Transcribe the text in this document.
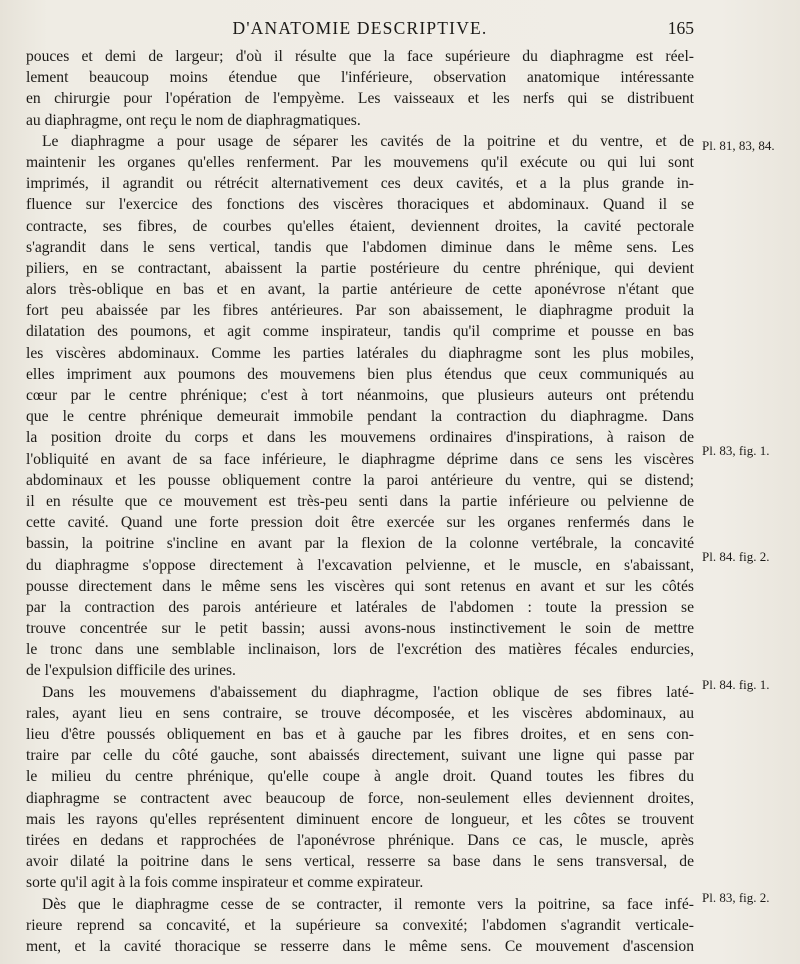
D'ANATOMIE DESCRIPTIVE.	165
pouces et demi de largeur; d'où il résulte que la face supérieure du diaphragme est réel-
lement beaucoup moins étendue que l'inférieure, observation anatomique intéressante
en chirurgie pour l'opération de l'empyème. Les vaisseaux et les nerfs qui se distribuent
au diaphragme, ont reçu le nom de diaphragmatiques.
Le diaphragme a pour usage de séparer les cavités de la poitrine et du ventre, et de
maintenir les organes qu'elles renferment. Par les mouvemens qu'il exécute ou qui lui sont
imprimés, il agrandit ou rétrécit alternativement ces deux cavités, et a la plus grande in-
fluence sur l'exercice des fonctions des viscères thoraciques et abdominaux. Quand il se
contracte, ses fibres, de courbes qu'elles étaient, deviennent droites, la cavité pectorale
s'agrandit dans le sens vertical, tandis que l'abdomen diminue dans le même sens. Les
piliers, en se contractant, abaissent la partie postérieure du centre phrénique, qui devient
alors très-oblique en bas et en avant, la partie antérieure de cette aponévrose n'étant que
fort peu abaissée par les fibres antérieures. Par son abaissement, le diaphragme produit la
dilatation des poumons, et agit comme inspirateur, tandis qu'il comprime et pousse en bas
les viscères abdominaux. Comme les parties latérales du diaphragme sont les plus mobiles,
elles impriment aux poumons des mouvemens bien plus étendus que ceux communiqués au
cœur par le centre phrénique; c'est à tort néanmoins, que plusieurs auteurs ont prétendu
que le centre phrénique demeurait immobile pendant la contraction du diaphragme. Dans
la position droite du corps et dans les mouvemens ordinaires d'inspirations, à raison de
l'obliquité en avant de sa face inférieure, le diaphragme déprime dans ce sens les viscères
abdominaux et les pousse obliquement contre la paroi antérieure du ventre, qui se distend;
il en résulte que ce mouvement est très-peu senti dans la partie inférieure ou pelvienne de
cette cavité. Quand une forte pression doit être exercée sur les organes renfermés dans le
bassin, la poitrine s'incline en avant par la flexion de la colonne vertébrale, la concavité
du diaphragme s'oppose directement à l'excavation pelvienne, et le muscle, en s'abaissant,
pousse directement dans le même sens les viscères qui sont retenus en avant et sur les côtés
par la contraction des parois antérieure et latérales de l'abdomen : toute la pression se
trouve concentrée sur le petit bassin; aussi avons-nous instinctivement le soin de mettre
le tronc dans une semblable inclinaison, lors de l'excrétion des matières fécales endurcies,
de l'expulsion difficile des urines.
Dans les mouvemens d'abaissement du diaphragme, l'action oblique de ses fibres laté-
rales, ayant lieu en sens contraire, se trouve décomposée, et les viscères abdominaux, au
lieu d'être poussés obliquement en bas et à gauche par les fibres droites, et en sens con-
traire par celle du côté gauche, sont abaissés directement, suivant une ligne qui passe par
le milieu du centre phrénique, qu'elle coupe à angle droit. Quand toutes les fibres du
diaphragme se contractent avec beaucoup de force, non-seulement elles deviennent droites,
mais les rayons qu'elles représentent diminuent encore de longueur, et les côtes se trouvent
tirées en dedans et rapprochées de l'aponévrose phrénique. Dans ce cas, le muscle, après
avoir dilaté la poitrine dans le sens vertical, resserre sa base dans le sens transversal, de
sorte qu'il agit à la fois comme inspirateur et comme expirateur.
Dès que le diaphragme cesse de se contracter, il remonte vers la poitrine, sa face infé-
rieure reprend sa concavité, et la supérieure sa convexité; l'abdomen s'agrandit verticale-
ment, et la cavité thoracique se resserre dans le même sens. Ce mouvement d'ascension
Pl. 81, 83, 84.
Pl. 83, fig. 1.
Pl. 84. fig. 2.
Pl. 84. fig. 1.
Pl. 83, fig. 2.
